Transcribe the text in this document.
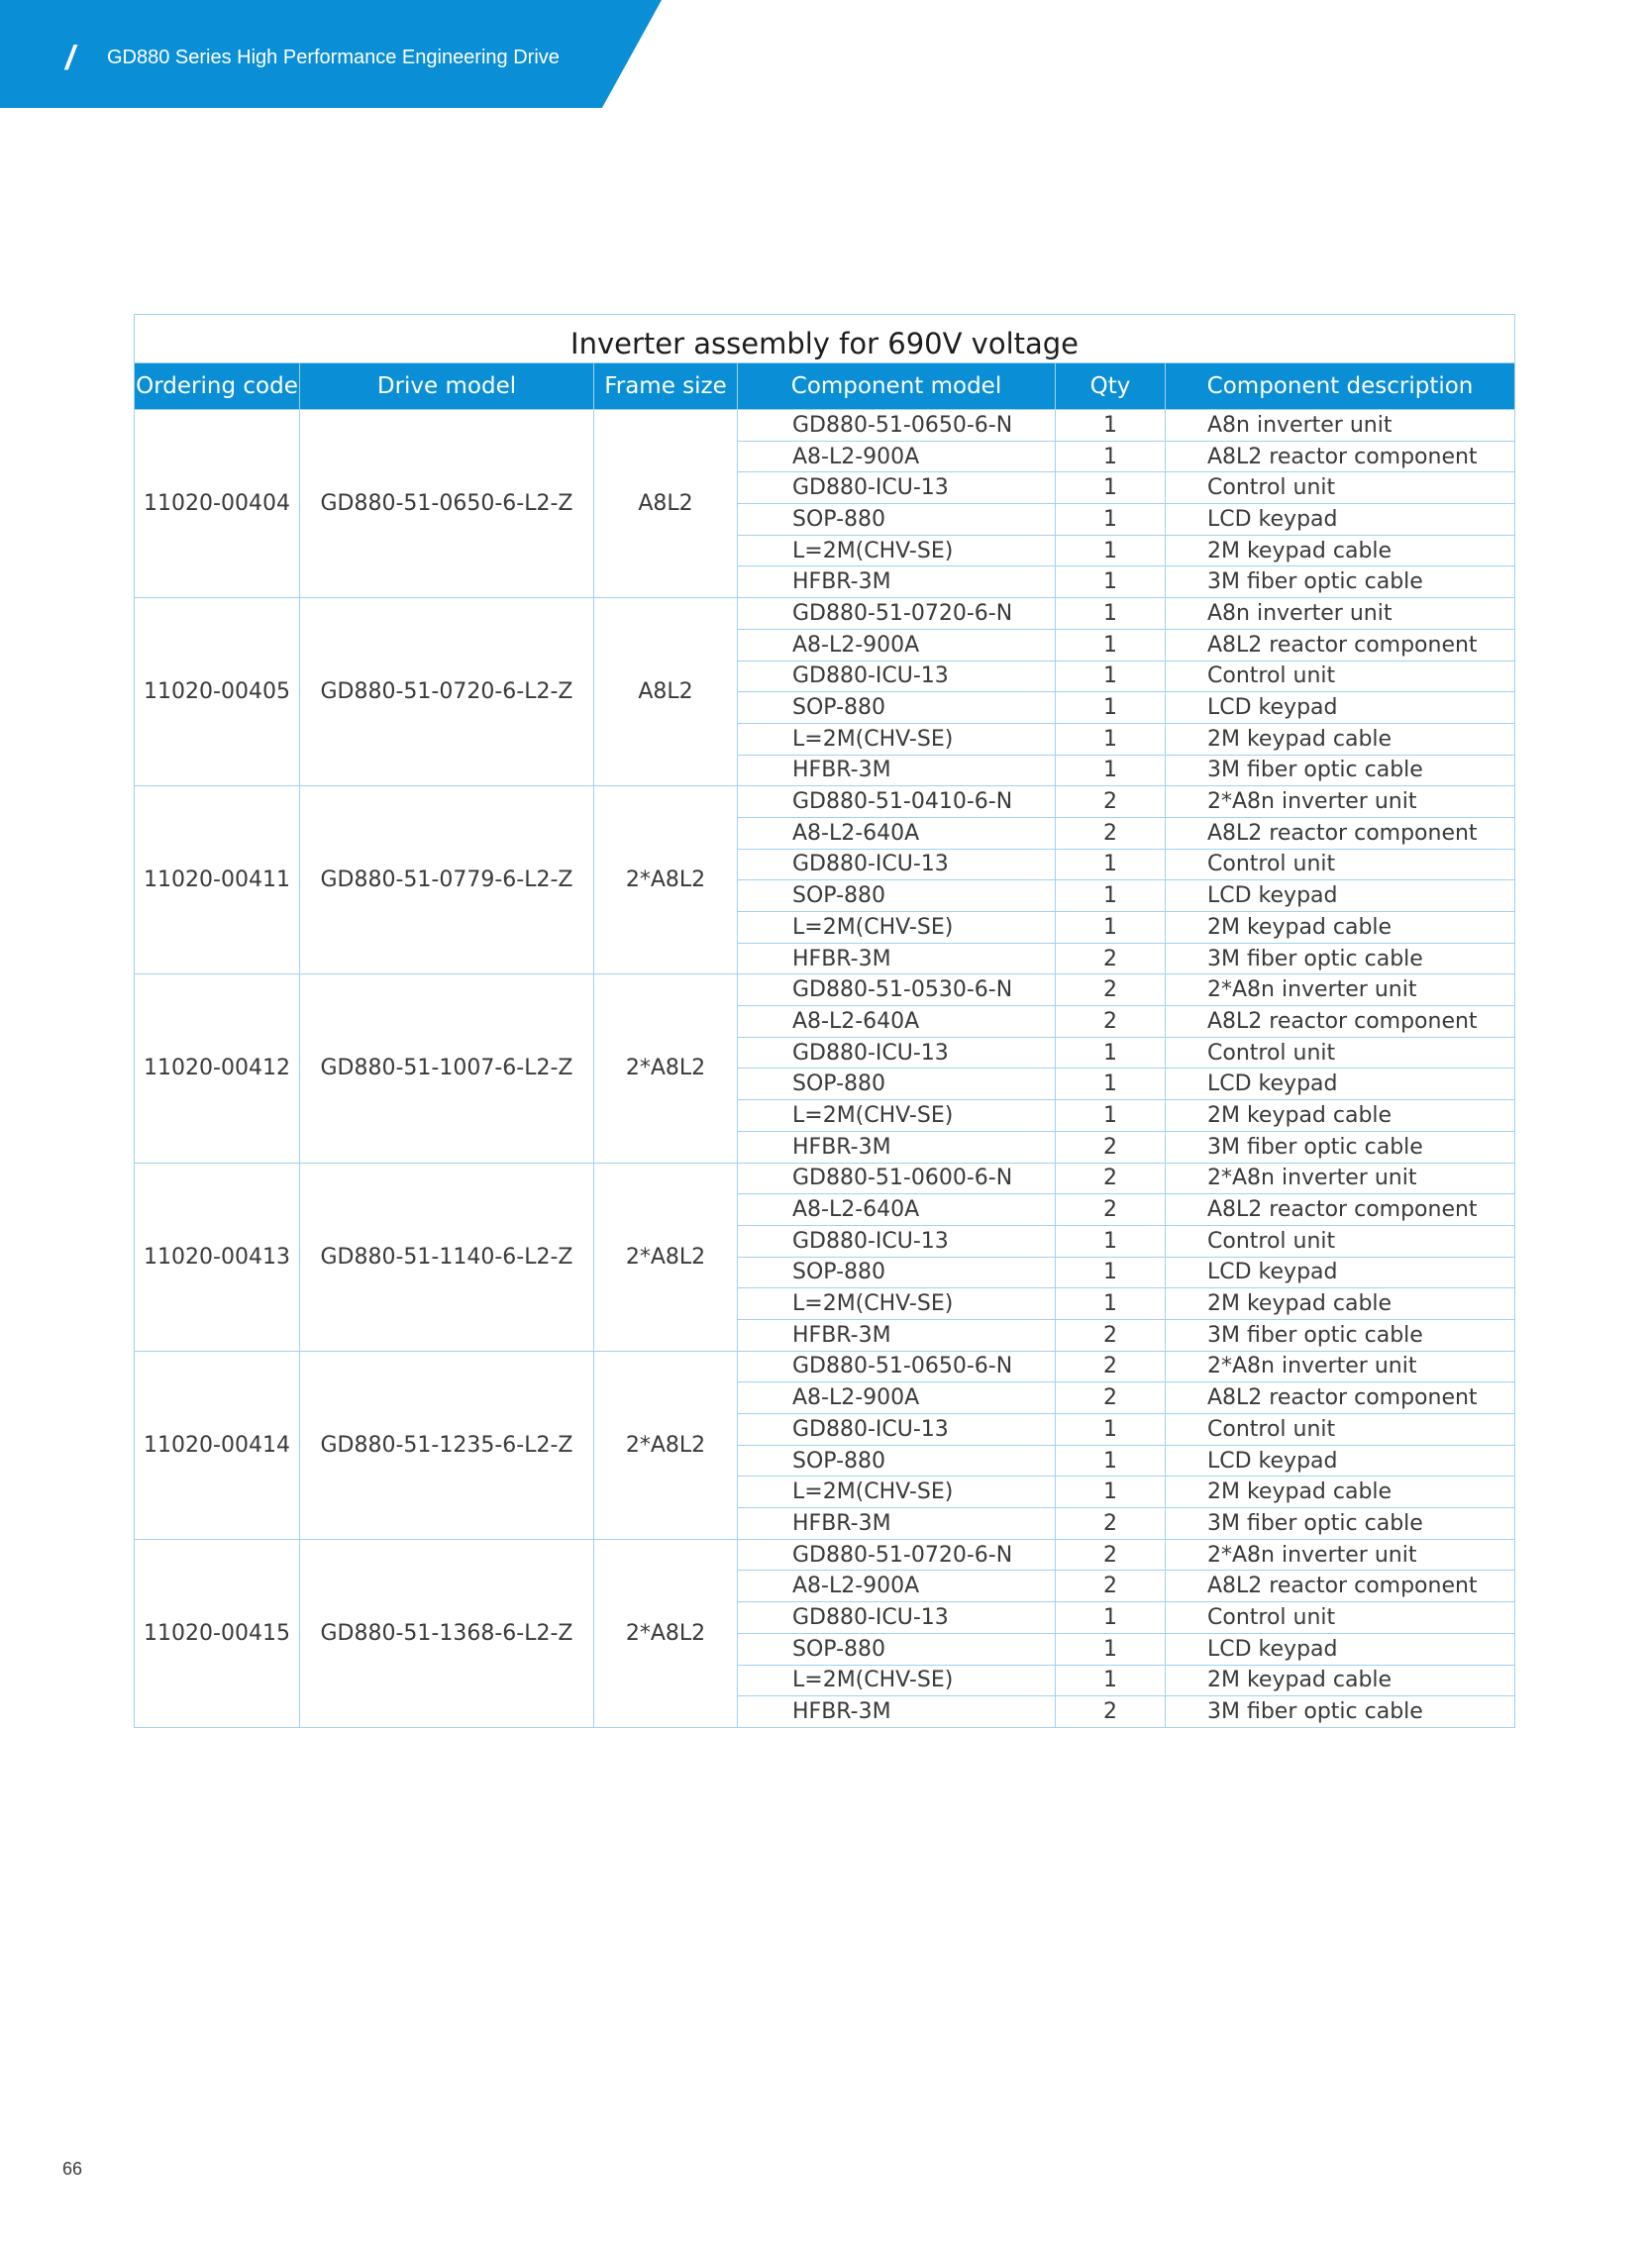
/ GD880 Series High Performance Engineering Drive
Inverter assembly for 690V voltage					
Ordering code	Drive model	Frame size	Component model	Qty	Component description
11020-00404	GD880-51-0650-6-L2-Z	A8L2	GD880-51-0650-6-N	1	A8n inverter unit
			A8-L2-900A	1	A8L2 reactor component
			GD880-ICU-13	1	Control unit
			SOP-880	1	LCD keypad
			L=2M(CHV-SE)	1	2M keypad cable
			HFBR-3M	1	3M fiber optic cable
11020-00405	GD880-51-0720-6-L2-Z	A8L2	GD880-51-0720-6-N	1	A8n inverter unit
			A8-L2-900A	1	A8L2 reactor component
			GD880-ICU-13	1	Control unit
			SOP-880	1	LCD keypad
			L=2M(CHV-SE)	1	2M keypad cable
			HFBR-3M	1	3M fiber optic cable
11020-00411	GD880-51-0779-6-L2-Z	2*A8L2	GD880-51-0410-6-N	2	2*A8n inverter unit
			A8-L2-640A	2	A8L2 reactor component
			GD880-ICU-13	1	Control unit
			SOP-880	1	LCD keypad
			L=2M(CHV-SE)	1	2M keypad cable
			HFBR-3M	2	3M fiber optic cable
11020-00412	GD880-51-1007-6-L2-Z	2*A8L2	GD880-51-0530-6-N	2	2*A8n inverter unit
			A8-L2-640A	2	A8L2 reactor component
			GD880-ICU-13	1	Control unit
			SOP-880	1	LCD keypad
			L=2M(CHV-SE)	1	2M keypad cable
			HFBR-3M	2	3M fiber optic cable
11020-00413	GD880-51-1140-6-L2-Z	2*A8L2	GD880-51-0600-6-N	2	2*A8n inverter unit
			A8-L2-640A	2	A8L2 reactor component
			GD880-ICU-13	1	Control unit
			SOP-880	1	LCD keypad
			L=2M(CHV-SE)	1	2M keypad cable
			HFBR-3M	2	3M fiber optic cable
11020-00414	GD880-51-1235-6-L2-Z	2*A8L2	GD880-51-0650-6-N	2	2*A8n inverter unit
			A8-L2-900A	2	A8L2 reactor component
			GD880-ICU-13	1	Control unit
			SOP-880	1	LCD keypad
			L=2M(CHV-SE)	1	2M keypad cable
			HFBR-3M	2	3M fiber optic cable
11020-00415	GD880-51-1368-6-L2-Z	2*A8L2	GD880-51-0720-6-N	2	2*A8n inverter unit
			A8-L2-900A	2	A8L2 reactor component
			GD880-ICU-13	1	Control unit
			SOP-880	1	LCD keypad
			L=2M(CHV-SE)	1	2M keypad cable
			HFBR-3M	2	3M fiber optic cable
66
